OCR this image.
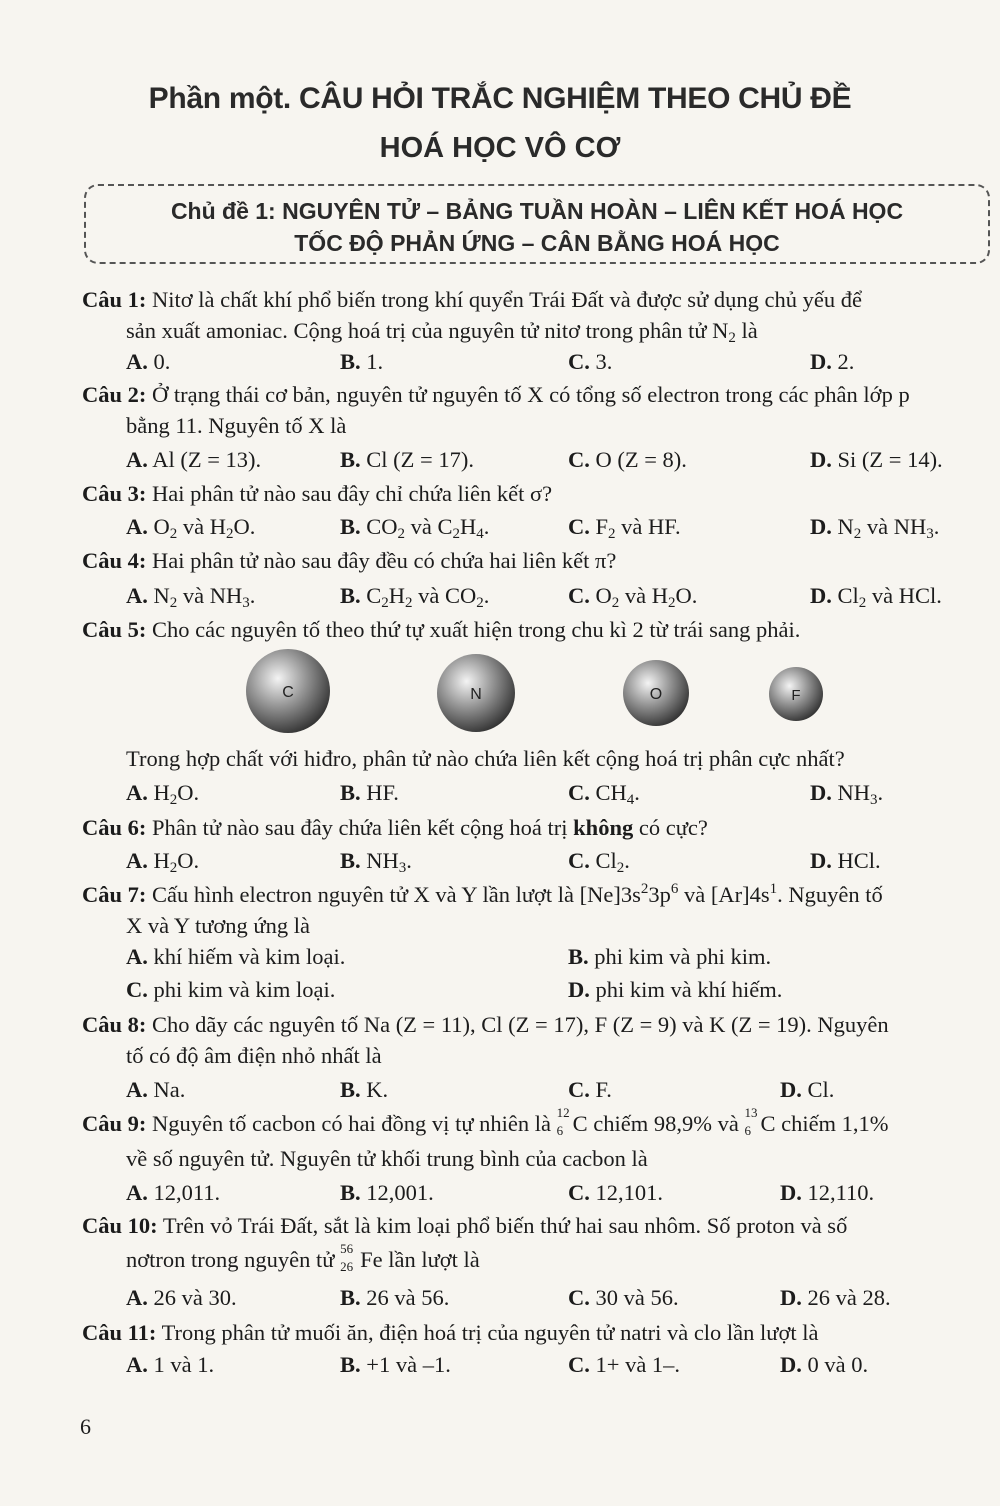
Phần một. CÂU HỎI TRẮC NGHIỆM THEO CHỦ ĐỀ
HOÁ HỌC VÔ CƠ
Chủ đề 1: NGUYÊN TỬ – BẢNG TUẦN HOÀN – LIÊN KẾT HOÁ HỌC
TỐC ĐỘ PHẢN ỨNG – CÂN BẰNG HOÁ HỌC
Câu 1: Nitơ là chất khí phổ biến trong khí quyển Trái Đất và được sử dụng chủ yếu để
sản xuất amoniac. Cộng hoá trị của nguyên tử nitơ trong phân tử $N_2$ là
A. 0.	B. 1.	C. 3.	D. 2.
Câu 2: Ở trạng thái cơ bản, nguyên tử nguyên tố X có tổng số electron trong các phân lớp p
bằng 11. Nguyên tố X là
A. Al (Z = 13).	B. Cl (Z = 17).	C. O (Z = 8).	D. Si (Z = 14).
Câu 3: Hai phân tử nào sau đây chỉ chứa liên kết σ?
A. $O_2$ và $H_2O$.	B. $CO_2$ và $C_2H_4$.	C. $F_2$ và HF.	D. $N_2$ và $NH_3$.
Câu 4: Hai phân tử nào sau đây đều có chứa hai liên kết π?
A. $N_2$ và $NH_3$.	B. $C_2H_2$ và $CO_2$.	C. $O_2$ và $H_2O$.	D. $Cl_2$ và HCl.
Câu 5: Cho các nguyên tố theo thứ tự xuất hiện trong chu kì 2 từ trái sang phải.
C	N	O	F
Trong hợp chất với hiđro, phân tử nào chứa liên kết cộng hoá trị phân cực nhất?
A. $H_2O$.	B. HF.	C. $CH_4$.	D. $NH_3$.
Câu 6: Phân tử nào sau đây chứa liên kết cộng hoá trị không có cực?
A. $H_2O$.	B. $NH_3$.	C. $Cl_2$.	D. HCl.
Câu 7: Cấu hình electron nguyên tử X và Y lần lượt là $[Ne]3s^23p^6$ và $[Ar]4s^1$. Nguyên tố
X và Y tương ứng là
A. khí hiếm và kim loại.	B. phi kim và phi kim.
C. phi kim và kim loại.	D. phi kim và khí hiếm.
Câu 8: Cho dãy các nguyên tố Na (Z = 11), Cl (Z = 17), F (Z = 9) và K (Z = 19). Nguyên
tố có độ âm điện nhỏ nhất là
A. Na.	B. K.	C. F.	D. Cl.
Câu 9: Nguyên tố cacbon có hai đồng vị tự nhiên là 12
6 C chiếm 98,9% và 13
6 C chiếm 1,1%
về số nguyên tử. Nguyên tử khối trung bình của cacbon là
A. 12,011.	B. 12,001.	C. 12,101.	D. 12,110.
Câu 10: Trên vỏ Trái Đất, sắt là kim loại phổ biến thứ hai sau nhôm. Số proton và số
nơtron trong nguyên tử 56
26 Fe lần lượt là
A. 26 và 30.	B. 26 và 56.	C. 30 và 56.	D. 26 và 28.
Câu 11: Trong phân tử muối ăn, điện hoá trị của nguyên tử natri và clo lần lượt là
A. 1 và 1.	B. +1 và –1.	C. 1+ và 1–.	D. 0 và 0.
6
